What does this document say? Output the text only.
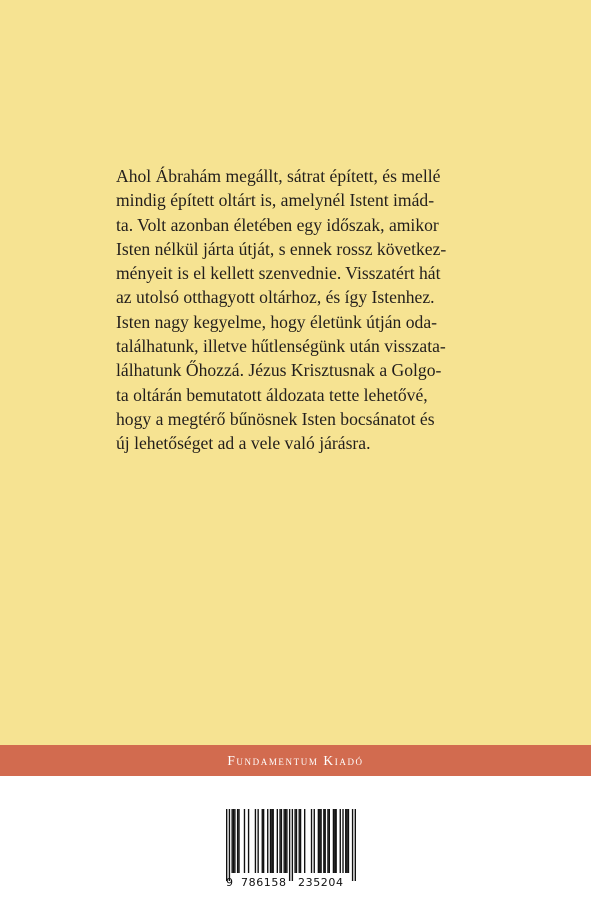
Ahol Ábrahám megállt, sátrat épített, és mellé
mindig épített oltárt is, amelynél Istent imád-
ta. Volt azonban életében egy időszak, amikor
Isten nélkül járta útját, s ennek rossz következ-
ményeit is el kellett szenvednie. Visszatért hát
az utolsó otthagyott oltárhoz, és így Istenhez.
Isten nagy kegyelme, hogy életünk útján oda-
találhatunk, illetve hűtlenségünk után visszata-
lálhatunk Őhozzá. Jézus Krisztusnak a Golgo-
ta oltárán bemutatott áldozata tette lehetővé,
hogy a megtérő bűnösnek Isten bocsánatot és
új lehetőséget ad a vele való járásra.
Fundamentum Kiadó
9 786158 235204
